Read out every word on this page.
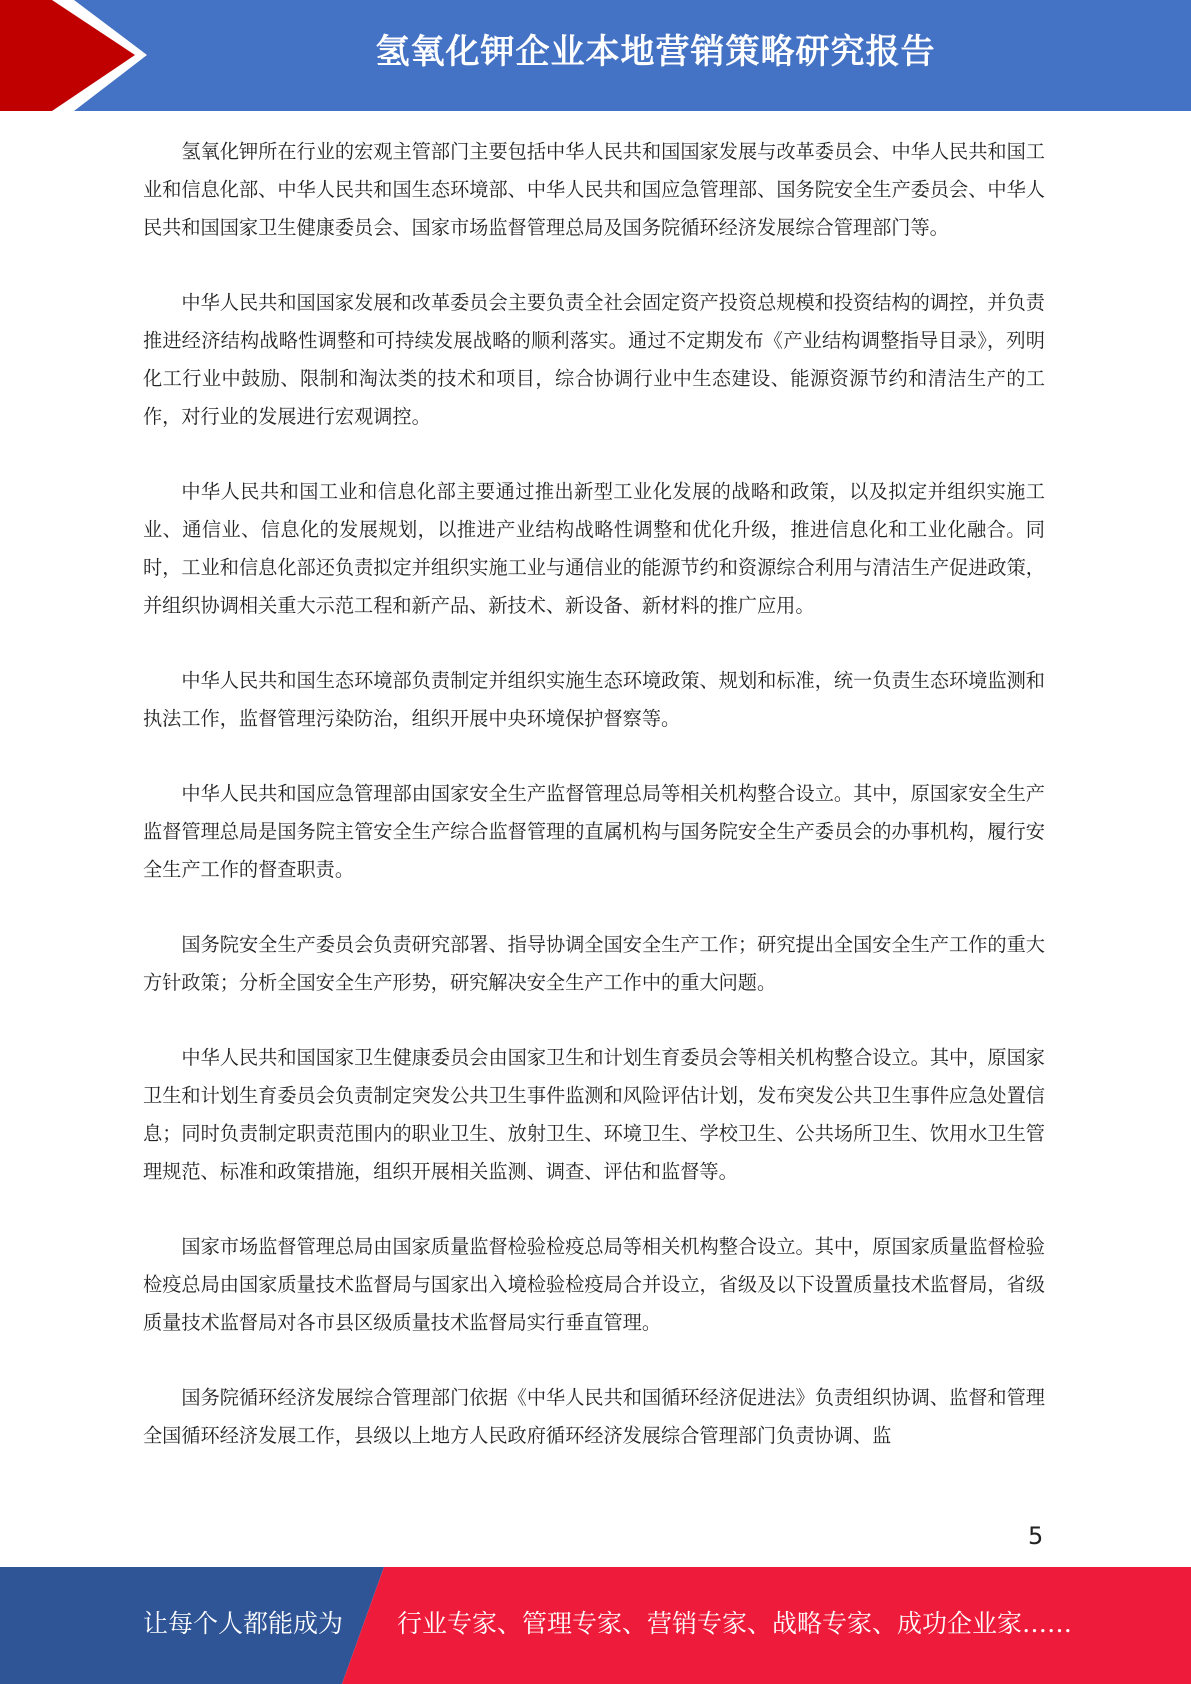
氢氧化钾企业本地营销策略研究报告

氢氧化钾所在行业的宏观主管部门主要包括中华人民共和国国家发展与改革委员会、中华人民共和国工业和信息化部、中华人民共和国生态环境部、中华人民共和国应急管理部、国务院安全生产委员会、中华人民共和国国家卫生健康委员会、国家市场监督管理总局及国务院循环经济发展综合管理部门等。

中华人民共和国国家发展和改革委员会主要负责全社会固定资产投资总规模和投资结构的调控，并负责推进经济结构战略性调整和可持续发展战略的顺利落实。通过不定期发布《产业结构调整指导目录》，列明化工行业中鼓励、限制和淘汰类的技术和项目，综合协调行业中生态建设、能源资源节约和清洁生产的工作，对行业的发展进行宏观调控。

中华人民共和国工业和信息化部主要通过推出新型工业化发展的战略和政策，以及拟定并组织实施工业、通信业、信息化的发展规划，以推进产业结构战略性调整和优化升级，推进信息化和工业化融合。同时，工业和信息化部还负责拟定并组织实施工业与通信业的能源节约和资源综合利用与清洁生产促进政策，并组织协调相关重大示范工程和新产品、新技术、新设备、新材料的推广应用。

中华人民共和国生态环境部负责制定并组织实施生态环境政策、规划和标准，统一负责生态环境监测和执法工作，监督管理污染防治，组织开展中央环境保护督察等。

中华人民共和国应急管理部由国家安全生产监督管理总局等相关机构整合设立。其中，原国家安全生产监督管理总局是国务院主管安全生产综合监督管理的直属机构与国务院安全生产委员会的办事机构，履行安全生产工作的督查职责。

国务院安全生产委员会负责研究部署、指导协调全国安全生产工作；研究提出全国安全生产工作的重大方针政策；分析全国安全生产形势，研究解决安全生产工作中的重大问题。

中华人民共和国国家卫生健康委员会由国家卫生和计划生育委员会等相关机构整合设立。其中，原国家卫生和计划生育委员会负责制定突发公共卫生事件监测和风险评估计划，发布突发公共卫生事件应急处置信息；同时负责制定职责范围内的职业卫生、放射卫生、环境卫生、学校卫生、公共场所卫生、饮用水卫生管理规范、标准和政策措施，组织开展相关监测、调查、评估和监督等。

国家市场监督管理总局由国家质量监督检验检疫总局等相关机构整合设立。其中，原国家质量监督检验检疫总局由国家质量技术监督局与国家出入境检验检疫局合并设立，省级及以下设置质量技术监督局，省级质量技术监督局对各市县区级质量技术监督局实行垂直管理。

国务院循环经济发展综合管理部门依据《中华人民共和国循环经济促进法》负责组织协调、监督和管理全国循环经济发展工作，县级以上地方人民政府循环经济发展综合管理部门负责协调、监

5
让每个人都能成为 行业专家、管理专家、营销专家、战略专家、成功企业家……
